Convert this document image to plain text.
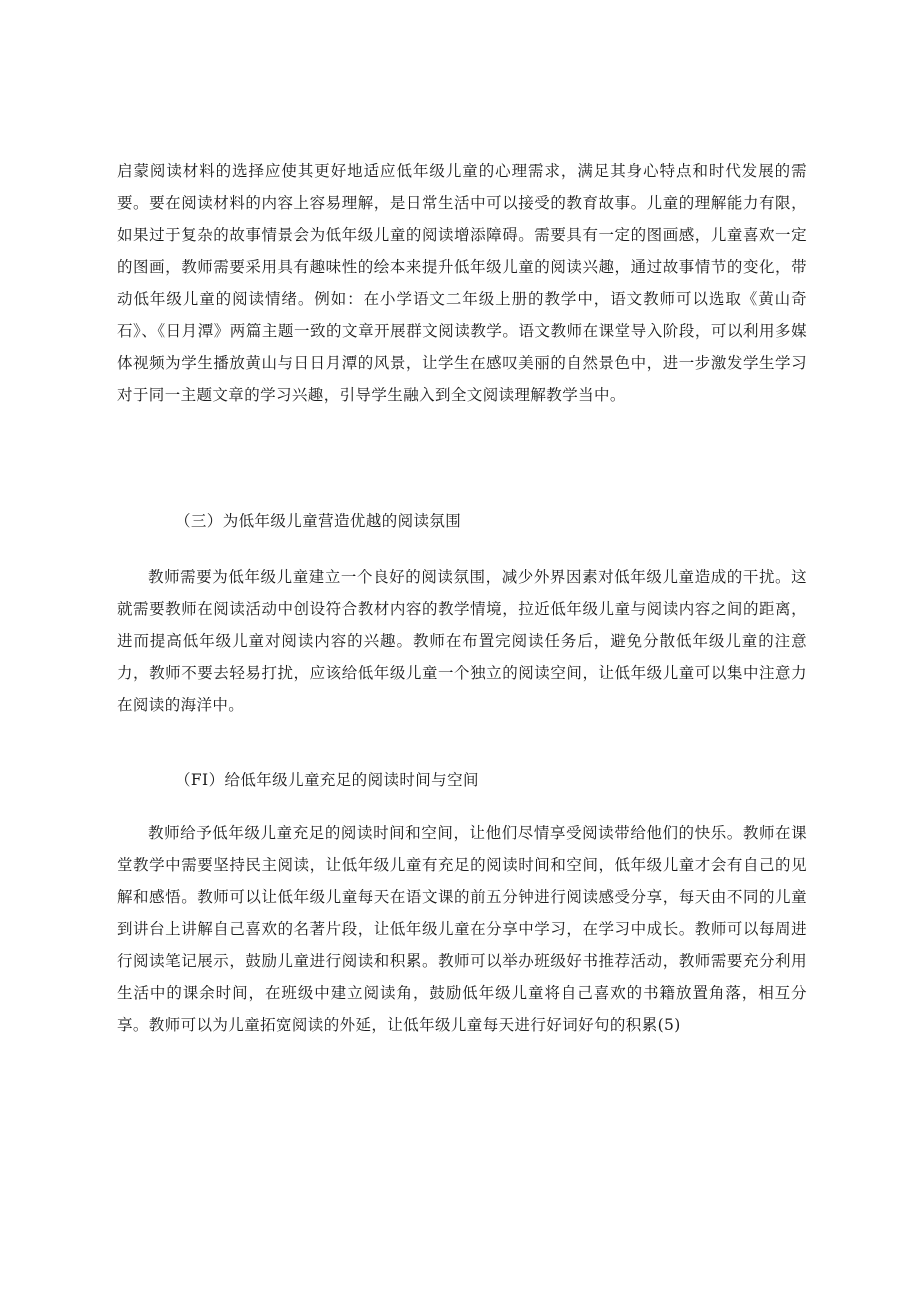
启蒙阅读材料的选择应使其更好地适应低年级儿童的心理需求，满足其身心特点和时代发展的需要。要在阅读材料的内容上容易理解，是日常生活中可以接受的教育故事。儿童的理解能力有限，如果过于复杂的故事情景会为低年级儿童的阅读增添障碍。需要具有一定的图画感，儿童喜欢一定的图画，教师需要采用具有趣味性的绘本来提升低年级儿童的阅读兴趣，通过故事情节的变化，带动低年级儿童的阅读情绪。例如：在小学语文二年级上册的教学中，语文教师可以选取《黄山奇石》、《日月潭》两篇主题一致的文章开展群文阅读教学。语文教师在课堂导入阶段，可以利用多媒体视频为学生播放黄山与日日月潭的风景，让学生在感叹美丽的自然景色中，进一步激发学生学习对于同一主题文章的学习兴趣，引导学生融入到全文阅读理解教学当中。

（三）为低年级儿童营造优越的阅读氛围

教师需要为低年级儿童建立一个良好的阅读氛围，减少外界因素对低年级儿童造成的干扰。这就需要教师在阅读活动中创设符合教材内容的教学情境，拉近低年级儿童与阅读内容之间的距离，进而提高低年级儿童对阅读内容的兴趣。教师在布置完阅读任务后，避免分散低年级儿童的注意力，教师不要去轻易打扰，应该给低年级儿童一个独立的阅读空间，让低年级儿童可以集中注意力在阅读的海洋中。

（FI）给低年级儿童充足的阅读时间与空间

教师给予低年级儿童充足的阅读时间和空间，让他们尽情享受阅读带给他们的快乐。教师在课堂教学中需要坚持民主阅读，让低年级儿童有充足的阅读时间和空间，低年级儿童才会有自己的见解和感悟。教师可以让低年级儿童每天在语文课的前五分钟进行阅读感受分享，每天由不同的儿童到讲台上讲解自己喜欢的名著片段，让低年级儿童在分享中学习，在学习中成长。教师可以每周进行阅读笔记展示，鼓励儿童进行阅读和积累。教师可以举办班级好书推荐活动，教师需要充分利用生活中的课余时间，在班级中建立阅读角，鼓励低年级儿童将自己喜欢的书籍放置角落，相互分享。教师可以为儿童拓宽阅读的外延，让低年级儿童每天进行好词好句的积累(5)
